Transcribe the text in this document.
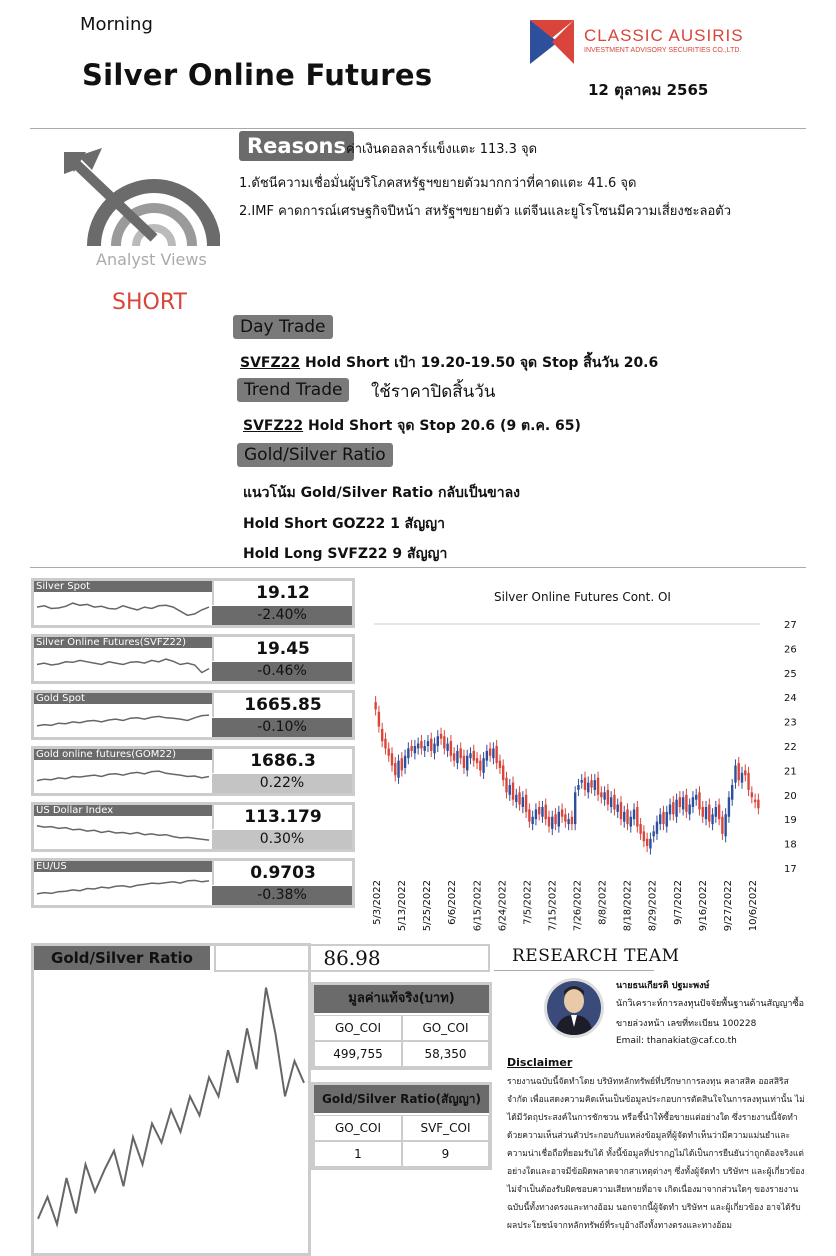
Morning
Silver Online Futures
CLASSIC AUSIRIS
INVESTMENT ADVISORY SECURITIES CO.,LTD.
12 ตุลาคม 2565
Analyst Views
SHORT
Reasons ค่าเงินดอลลาร์แข็งแตะ 113.3 จุด
1.ดัชนีความเชื่อมั่นผู้บริโภคสหรัฐฯขยายตัวมากกว่าที่คาดแตะ 41.6 จุด
2.IMF คาดการณ์เศรษฐกิจปีหน้า สหรัฐฯขยายตัว แต่จีนและยูโรโซนมีความเสี่ยงชะลอตัว
Day Trade
SVFZ22 Hold Short เป้า 19.20-19.50 จุด Stop สิ้นวัน 20.6
Trend Trade	ใช้ราคาปิดสิ้นวัน
SVFZ22 Hold Short จุด Stop 20.6 (9 ต.ค. 65)
Gold/Silver Ratio
แนวโน้ม Gold/Silver Ratio กลับเป็นขาลง
Hold Short GOZ22 1 สัญญา
Hold Long SVFZ22 9 สัญญา
Silver Spot	19.12
-2.40%
Silver Online Futures(SVFZ22)	19.45
-0.46%
Gold Spot	1665.85
-0.10%
Gold online futures(GOM22)	1686.3
0.22%
US Dollar Index	113.179
0.30%
EU/US	0.9703
-0.38%
Silver Online Futures Cont. OI
27
26
25
24
23
22
21
20
19
18
17
5/3/2022 5/13/2022 5/25/2022 6/6/2022 6/15/2022 6/24/2022 7/5/2022 7/15/2022 7/26/2022 8/8/2022 8/18/2022 8/29/2022 9/7/2022 9/16/2022 9/27/2022 10/6/2022
Gold/Silver Ratio	86.98
มูลค่าแท้จริง(บาท)
GO_COI	GO_COI
499,755	58,350
Gold/Silver Ratio(สัญญา)
GO_COI	SVF_COI
1	9
RESEARCH TEAM
นายธนเกียรติ ปฐมะพงษ์
นักวิเคราะห์การลงทุนปัจจัยพื้นฐานด้านสัญญาซื้อ
ขายล่วงหน้า เลขที่ทะเบียน 100228
Email: thanakiat@caf.co.th
Disclaimer
รายงานฉบับนี้จัดทำโดย บริษัทหลักทรัพย์ที่ปรึกษาการลงทุน คลาสสิค ออสสิริส จำกัด เพื่อแสดงความคิดเห็นเป็นข้อมูลประกอบการตัดสินใจในการลงทุนเท่านั้น ไม่ได้มีวัตถุประสงค์ในการชักชวน หรือชี้นำให้ซื้อขายแต่อย่างใด ซึ่งรายงานนี้จัดทำด้วยความเห็นส่วนตัวประกอบกับแหล่งข้อมูลที่ผู้จัดทำเห็นว่ามีความแม่นยำและความน่าเชื่อถือที่ยอมรับได้ ทั้งนี้ข้อมูลที่ปรากฏไม่ได้เป็นการยืนยันว่าถูกต้องจริงแต่อย่างใดและอาจมีข้อผิดพลาดจากสาเหตุต่างๆ ซึ่งทั้งผู้จัดทำ บริษัทฯ และผู้เกี่ยวข้องไม่จำเป็นต้องรับผิดชอบความเสียหายที่อาจ เกิดเนื่องมาจากส่วนใดๆ ของรายงานฉบับนี้ทั้งทางตรงและทางอ้อม นอกจากนี้ผู้จัดทำ บริษัทฯ และผู้เกี่ยวข้อง อาจได้รับผลประโยชน์จากหลักทรัพย์ที่ระบุอ้างถึงทั้งทางตรงและทางอ้อม
